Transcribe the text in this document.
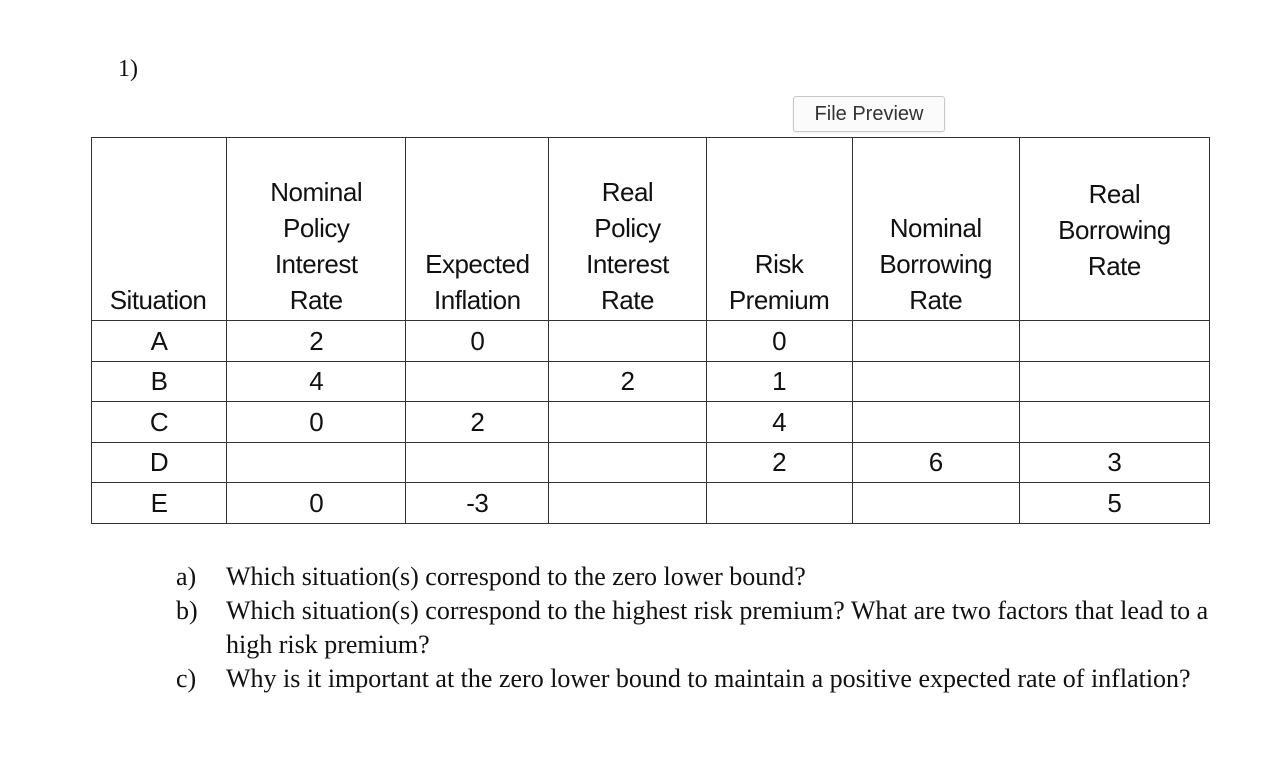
1)
File Preview
Situation	Nominal Policy Interest Rate	Expected Inflation	Real Policy Interest Rate	Risk Premium	Nominal Borrowing Rate	Real Borrowing Rate
A	2	0		0		
B	4		2	1		
C	0	2		4		
D				2	6	3
E	0	-3				5
a)	Which situation(s) correspond to the zero lower bound?
b)	Which situation(s) correspond to the highest risk premium? What are two factors that lead to a high risk premium?
c)	Why is it important at the zero lower bound to maintain a positive expected rate of inflation?
